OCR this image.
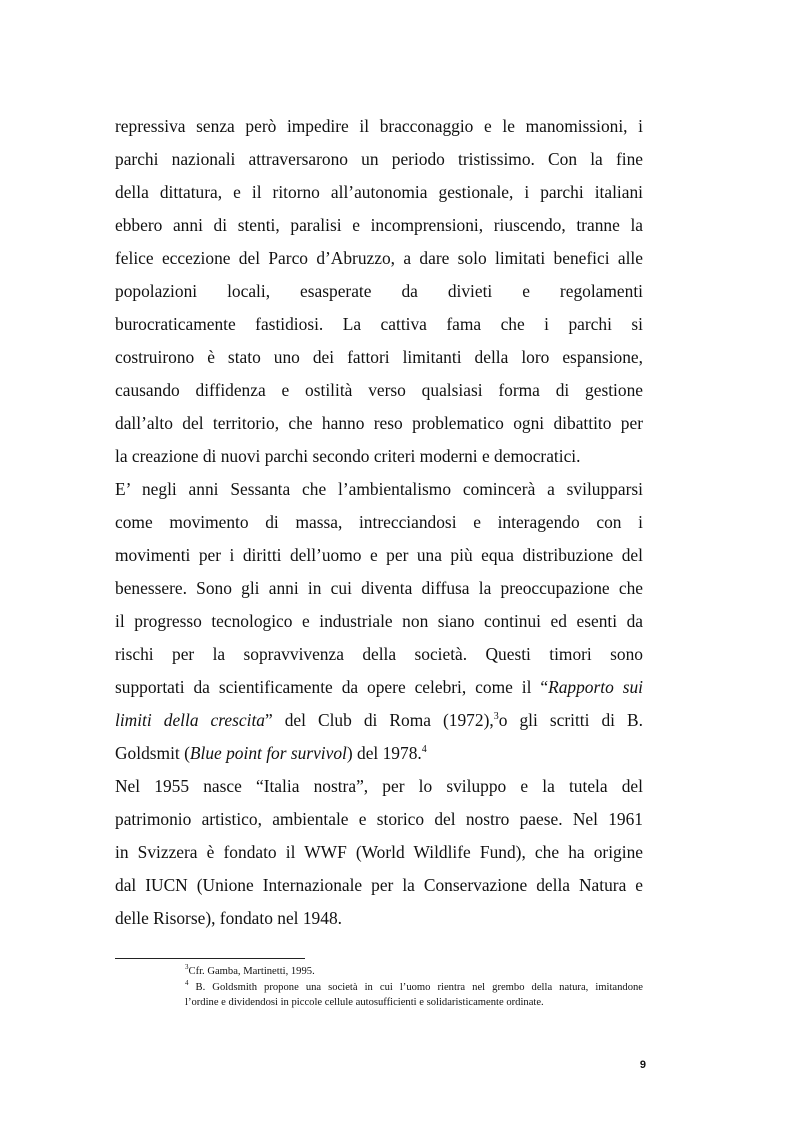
repressiva senza però impedire il bracconaggio e le manomissioni, i
parchi nazionali attraversarono un periodo tristissimo. Con la fine
della dittatura, e il ritorno all’autonomia gestionale, i parchi italiani
ebbero anni di stenti, paralisi e incomprensioni, riuscendo, tranne la
felice eccezione del Parco d’Abruzzo, a dare solo limitati benefici alle
popolazioni locali, esasperate da divieti e regolamenti
burocraticamente fastidiosi. La cattiva fama che i parchi si
costruirono è stato uno dei fattori limitanti della loro espansione,
causando diffidenza e ostilità verso qualsiasi forma di gestione
dall’alto del territorio, che hanno reso problematico ogni dibattito per
la creazione di nuovi parchi secondo criteri moderni e democratici.
E’ negli anni Sessanta che l’ambientalismo comincerà a svilupparsi
come movimento di massa, intrecciandosi e interagendo con i
movimenti per i diritti dell’uomo e per una più equa distribuzione del
benessere. Sono gli anni in cui diventa diffusa la preoccupazione che
il progresso tecnologico e industriale non siano continui ed esenti da
rischi per la sopravvivenza della società. Questi timori sono
supportati da scientificamente da opere celebri, come il “Rapporto sui
limiti della crescita” del Club di Roma (1972),$^3$o gli scritti di B.
Goldsmit (Blue point for survivol) del 1978.$^4$
Nel 1955 nasce “Italia nostra”, per lo sviluppo e la tutela del
patrimonio artistico, ambientale e storico del nostro paese. Nel 1961
in Svizzera è fondato il WWF (World Wildlife Fund), che ha origine
dal IUCN (Unione Internazionale per la Conservazione della Natura e
delle Risorse), fondato nel 1948.
$^3$Cfr. Gamba, Martinetti, 1995.
$^4$ B. Goldsmith propone una società in cui l’uomo rientra nel grembo della natura, imitandone
l’ordine e dividendosi in piccole cellule autosufficienti e solidaristicamente ordinate.
9
